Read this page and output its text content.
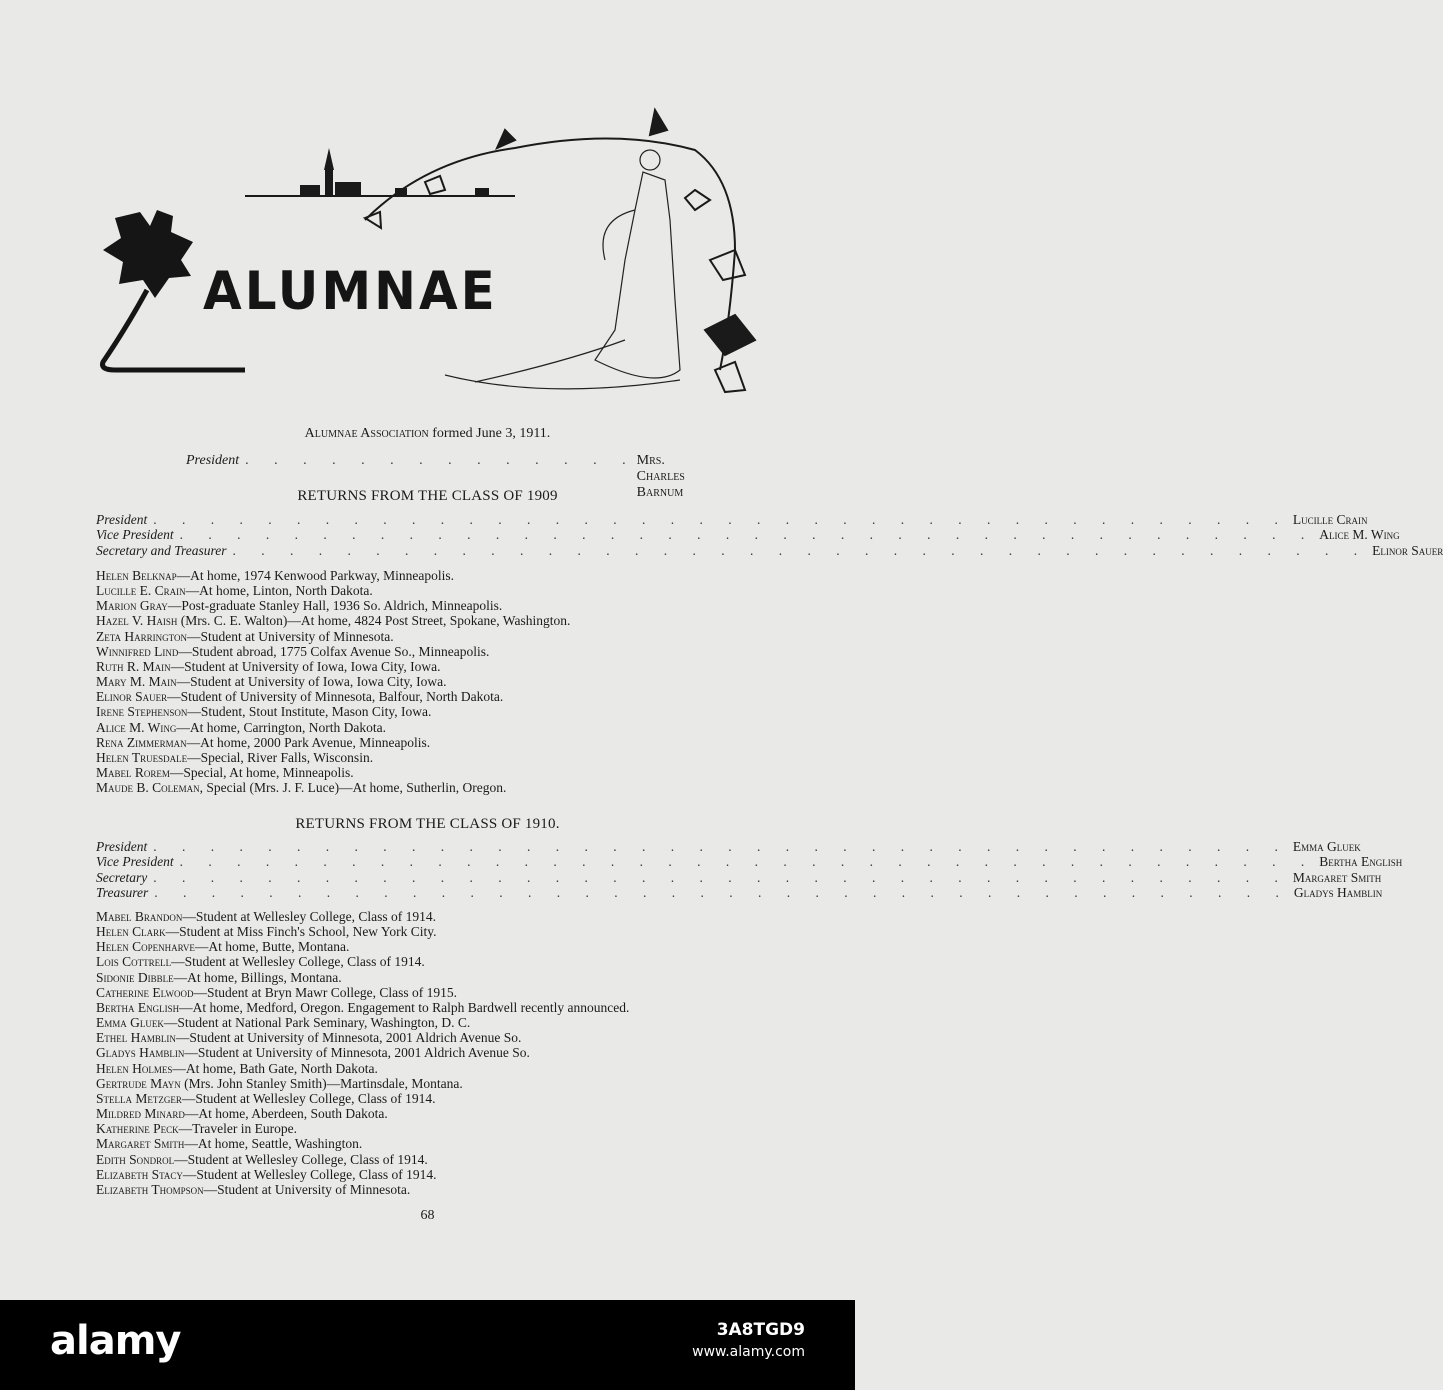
ALUMNAE
Alumnae Association formed June 3, 1911.
President . . . . . . . . . . . . . . Mrs. Charles Barnum
RETURNS FROM THE CLASS OF 1909
President . . . . . . . . . . . . . . . . . . . . . . . . . . . . . . . . . . . . . . . . Lucille Crain
Vice President . . . . . . . . . . . . . . . . . . . . . . . . . . . . . . . . . . . . . . . . Alice M. Wing
Secretary and Treasurer . . . . . . . . . . . . . . . . . . . . . . . . . . . . . . . . . . . . . . . . Elinor Sauer
Helen Belknap—At home, 1974 Kenwood Parkway, Minneapolis.
Lucille E. Crain—At home, Linton, North Dakota.
Marion Gray—Post-graduate Stanley Hall, 1936 So. Aldrich, Minneapolis.
Hazel V. Haish (Mrs. C. E. Walton)—At home, 4824 Post Street, Spokane, Washington.
Zeta Harrington—Student at University of Minnesota.
Winnifred Lind—Student abroad, 1775 Colfax Avenue So., Minneapolis.
Ruth R. Main—Student at University of Iowa, Iowa City, Iowa.
Mary M. Main—Student at University of Iowa, Iowa City, Iowa.
Elinor Sauer—Student of University of Minnesota, Balfour, North Dakota.
Irene Stephenson—Student, Stout Institute, Mason City, Iowa.
Alice M. Wing—At home, Carrington, North Dakota.
Rena Zimmerman—At home, 2000 Park Avenue, Minneapolis.
Helen Truesdale—Special, River Falls, Wisconsin.
Mabel Rorem—Special, At home, Minneapolis.
Maude B. Coleman, Special (Mrs. J. F. Luce)—At home, Sutherlin, Oregon.
RETURNS FROM THE CLASS OF 1910.
President . . . . . . . . . . . . . . . . . . . . . . . . . . . . . . . . . . . . . . . . Emma Gluek
Vice President . . . . . . . . . . . . . . . . . . . . . . . . . . . . . . . . . . . . . . . . Bertha English
Secretary . . . . . . . . . . . . . . . . . . . . . . . . . . . . . . . . . . . . . . . . Margaret Smith
Treasurer . . . . . . . . . . . . . . . . . . . . . . . . . . . . . . . . . . . . . . . . Gladys Hamblin
Mabel Brandon—Student at Wellesley College, Class of 1914.
Helen Clark—Student at Miss Finch's School, New York City.
Helen Copenharve—At home, Butte, Montana.
Lois Cottrell—Student at Wellesley College, Class of 1914.
Sidonie Dibble—At home, Billings, Montana.
Catherine Elwood—Student at Bryn Mawr College, Class of 1915.
Bertha English—At home, Medford, Oregon. Engagement to Ralph Bardwell recently announced.
Emma Gluek—Student at National Park Seminary, Washington, D. C.
Ethel Hamblin—Student at University of Minnesota, 2001 Aldrich Avenue So.
Gladys Hamblin—Student at University of Minnesota, 2001 Aldrich Avenue So.
Helen Holmes—At home, Bath Gate, North Dakota.
Gertrude Mayn (Mrs. John Stanley Smith)—Martinsdale, Montana.
Stella Metzger—Student at Wellesley College, Class of 1914.
Mildred Minard—At home, Aberdeen, South Dakota.
Katherine Peck—Traveler in Europe.
Margaret Smith—At home, Seattle, Washington.
Edith Sondrol—Student at Wellesley College, Class of 1914.
Elizabeth Stacy—Student at Wellesley College, Class of 1914.
Elizabeth Thompson—Student at University of Minnesota.
68
alamy	3A8TGD9
www.alamy.com
